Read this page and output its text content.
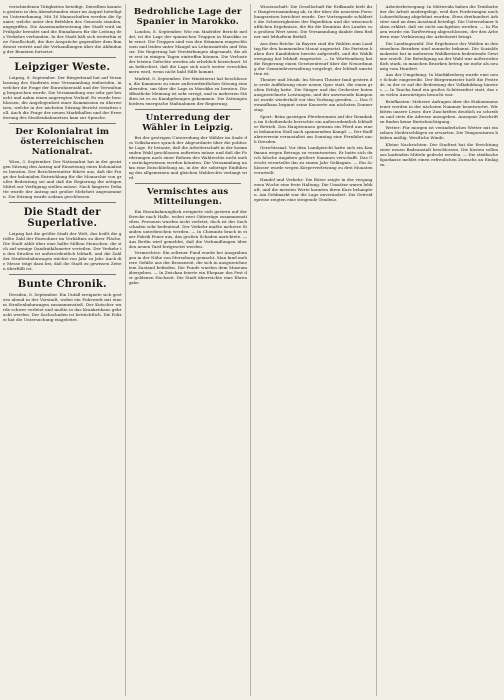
verschiedenen Tätigkeiten beteiligt. Dieselben konnten gestern in den Abendstunden einer im August beteiligten Unternehmung. Mit 16 Mannschaften werden die Spanier, welche unter den Befehlen des Generals standen, angegriffen. Die Auseinandersetzung der Stadt wird im Frühjahr beendet und die Einnahmen für die Leitung des Verkehrs verbunden. In der Stadt hält sich weiterhin eine Gesellschaft, die ihre Ansprüche gegenüber dem Bundesrat vertritt und die Verhandlungen über die Abfindung der Beamten fortsetzt.

Leipziger Weste.

Leipzig, 8. September. Der Bürgerbund hat auf Veranlassung des Stadtrats eine Versammlung einberufen, in welcher die Frage der Einwohnerzahl und der Verwaltung besprochen wurde. Die Versammlung war sehr gut besucht und nahm einen angeregten Verlauf. Es wurde beschlossen, die Angelegenheit einer Kommission zu überweisen, welche in der nächsten Sitzung Bericht erstatten soll. Auch die Frage der neuen Markthallen und der Erweiterung des Straßenbahnnetzes kam zur Sprache.

Der Kolonialrat im österreichischen Nationalrat.

Wien, 3. September. Der Nationalrat hat in der gestrigen Sitzung den Antrag auf Einsetzung eines Kolonialrates beraten. Der Berichterstatter führte aus, daß die Frage der kolonialen Entwicklung für die Monarchie von großer Bedeutung sei und daß die Regierung die nötigen Mittel zur Verfügung stellen müsse. Nach längerer Debatte wurde der Antrag mit großer Mehrheit angenommen. Die Sitzung wurde sodann geschlossen.

Die Stadt der Superlative.

Leipzig hat die größte Stadt der Welt, das heißt die größte Zahl der Einwohner im Verhältnis zu ihrer Fläche. Die Stadt zählt über eine halbe Million Menschen, die sich auf wenige Quadratkilometer verteilen. Der Verkehr in den Straßen ist außerordentlich lebhaft, und die Zahl der Straßenbahnwagen wächst von Jahr zu Jahr. Auch die Messe trägt dazu bei, daß die Stadt zu gewissen Zeiten überfüllt ist.

Bunte Chronik.

Dresden, 8. September. Ein Unfall ereignete sich gestern abend in der Vorstadt, wobei ein Fuhrwerk mit einem Straßenbahnwagen zusammenstieß. Der Kutscher wurde schwer verletzt und mußte in das Krankenhaus gebracht werden. Der Sachschaden ist beträchtlich. Die Polizei hat die Untersuchung eingeleitet.

Bedrohliche Lage der Spanier in Marokko.

London, 8. September. Wie ein Madrider Bericht meldet, ist die Lage der spanischen Truppen in Marokko sehr ernst. Die Truppen sind von den Stämmen eingeschlossen und leiden unter Mangel an Lebensmitteln und Wasser. Die Regierung hat Verstärkungen abgesandt, die aber erst in einigen Tagen eintreffen können. Die Verluste der letzten Gefechte werden als erheblich bezeichnet. Man befürchtet, daß die Lage sich noch weiter verschlimmern wird, wenn nicht bald Hilfe kommt.

Madrid, 8. September. Der Ministerrat hat beschlossen, die Kammern zu einer außerordentlichen Sitzung einzuberufen, um über die Lage in Marokko zu beraten. Die öffentliche Meinung ist sehr erregt, und in mehreren Städten ist es zu Kundgebungen gekommen. Die Zeitungen fordern energische Maßnahmen der Regierung.

Unterredung der Wähler in Leipzig.

Bei der gestrigen Unterredung der Wähler im Saale des Volkshauses sprach der Abgeordnete über die politische Lage. Er betonte, daß die Arbeiterschaft in der kommenden Wahl geschlossen auftreten müsse und daß die Forderungen nach einer Reform des Wahlrechts nicht mehr zurückgewiesen werden könnten. Die Versammlung nahm eine Entschließung an, in der die sofortige Einführung des allgemeinen und gleichen Wahlrechts verlangt wird.

Vermischtes aus Mitteilungen.

Ein Eisenbahnunglück ereignete sich gestern auf der Strecke nach Halle, wobei zwei Güterzüge zusammenstießen. Personen wurden nicht verletzt, doch ist der Sachschaden sehr bedeutend. Der Verkehr mußte mehrere Stunden unterbrochen werden. — In Chemnitz brach in einer Fabrik Feuer aus, das großen Schaden anrichtete. — Aus Berlin wird gemeldet, daß die Verhandlungen über den neuen Tarif fortgesetzt werden.

Vermischtes: Ein seltener Fund wurde bei Ausgrabungen in der Nähe von Merseburg gemacht. Man fand mehrere Gefäße aus der Bronzezeit, die sich in ausgezeichnetem Zustand befinden. Die Funde wurden dem Museum übergeben. — In Zwickau feierte ein Ehepaar das Fest der goldenen Hochzeit. Die Stadt überreichte eine Ehrengabe.

Wissenschaft: Die Gesellschaft für Erdkunde hielt ihre Hauptversammlung ab, in der über die neuesten Forschungsreisen berichtet wurde. Der Vortragende schilderte die Schwierigkeiten der Expedition und die wissenschaftlichen Ergebnisse, die für die Kenntnis des Landes von großem Wert seien. Die Versammlung dankte dem Redner mit lebhaftem Beifall.

Aus dem Reiche: In Bayern sind die Wahlen zum Landtag für den kommenden Monat angesetzt. Die Parteien haben ihre Kandidaten bereits aufgestellt, und die Wahlbewegung hat lebhaft eingesetzt. — In Württemberg hat die Regierung einen Gesetzentwurf über die Neuordnung der Gemeindeverwaltung vorgelegt, der lebhaft umstritten ist.

Theater und Musik: Im Neuen Theater fand gestern die erste Aufführung einer neuen Oper statt, die einen großen Erfolg hatte. Die Sänger und das Orchester boten ausgezeichnete Leistungen, und der anwesende Komponist wurde wiederholt vor den Vorhang gerufen. — Das Gewandhaus beginnt seine Konzerte am nächsten Donnerstag.

Sport: Beim gestrigen Pferderennen auf der Rennbahn im Scheibenholz herrschte ein außerordentlich lebhafter Betrieb. Das Hauptrennen gewann ein Pferd aus einem bekannten Stall nach spannendem Kampf. — Der Radfahrerverein veranstaltet am Sonntag eine Fernfahrt nach Dresden.

Gerichtssaal: Vor dem Landgericht hatte sich ein Kaufmann wegen Betrugs zu verantworten. Er hatte sich durch falsche Angaben größere Summen verschafft. Das Gericht verurteilte ihn zu einem Jahr Gefängnis. — Ein Schlosser wurde wegen Körperverletzung zu drei Monaten verurteilt.

Handel und Verkehr: Die Börse zeigte in der vergangenen Woche eine feste Haltung. Die Umsätze waren lebhaft, und die meisten Werte konnten ihren Kurs behaupten. Am Geldmarkt war die Lage unverändert. Die Getreidepreise zeigten eine steigende Tendenz.

Arbeiterbewegung: In Mittweida haben die Textilarbeiter die Arbeit niedergelegt, weil ihre Forderungen nach Lohnerhöhung abgelehnt wurden. Etwa dreihundert Arbeiter sind an dem Ausstand beteiligt. Die Unternehmer haben erklärt, daß sie nicht nachgeben werden. — In Plauen wurde ein Tarifvertrag abgeschlossen, der den Arbeitern eine Verkürzung der Arbeitszeit bringt.

Die Landtagswahl: Die Ergebnisse der Wahlen in den einzelnen Bezirken sind nunmehr bekannt. Die Sozialdemokratie hat in mehreren Wahlkreisen bedeutende Gewinne erzielt. Die Beteiligung an der Wahl war außerordentlich stark, in manchen Bezirken betrug sie mehr als neunzig vom Hundert.

Aus der Umgebung: In Markkleeberg wurde eine neue Schule eingeweiht. Der Bürgermeister hielt die Festrede, in der er auf die Bedeutung der Volksbildung hinwies. — In Taucha fand ein großes Schützenfest statt, das von vielen Auswärtigen besucht war.

Briefkasten: Mehrere Anfragen über die Einkommensteuer werden in der nächsten Nummer beantwortet. Wir bitten unsere Leser, ihre Zuschriften deutlich zu schreiben und stets die Adresse anzugeben. Anonyme Zuschriften finden keine Berücksichtigung.

Wetter: Für morgen ist veränderliches Wetter mit einzelnen Niederschlägen zu erwarten. Die Temperaturen bleiben mäßig. Westliche Winde.

Kleine Nachrichten: Der Stadtrat hat die Errichtung einer neuen Badeanstalt beschlossen. Die Kosten sollen aus laufenden Mitteln gedeckt werden. — Die städtische Sparkasse meldet einen erfreulichen Zuwachs an Einlagen.
